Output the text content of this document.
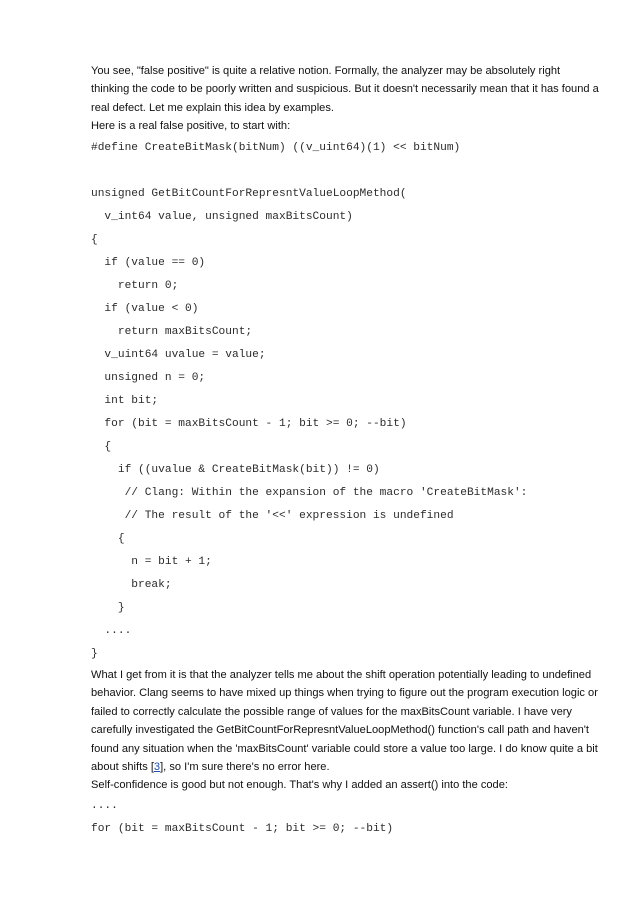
You see, "false positive" is quite a relative notion. Formally, the analyzer may be absolutely right
thinking the code to be poorly written and suspicious. But it doesn't necessarily mean that it has found a
real defect. Let me explain this idea by examples.

Here is a real false positive, to start with:

#define CreateBitMask(bitNum) ((v_uint64)(1) << bitNum)
unsigned GetBitCountForRepresntValueLoopMethod(
v_int64 value, unsigned maxBitsCount)
{
if (value == 0)
return 0;
if (value < 0)
return maxBitsCount;
v_uint64 uvalue = value;
unsigned n = 0;
int bit;
for (bit = maxBitsCount - 1; bit >= 0; --bit)
{
if ((uvalue & CreateBitMask(bit)) != 0)
// Clang: Within the expansion of the macro 'CreateBitMask':
// The result of the '<<' expression is undefined
{
n = bit + 1;
break;
}
....
}

What I get from it is that the analyzer tells me about the shift operation potentially leading to undefined
behavior. Clang seems to have mixed up things when trying to figure out the program execution logic or
failed to correctly calculate the possible range of values for the maxBitsCount variable. I have very
carefully investigated the GetBitCountForRepresntValueLoopMethod() function's call path and haven't
found any situation when the 'maxBitsCount' variable could store a value too large. I do know quite a bit
about shifts [3], so I'm sure there's no error here.

Self-confidence is good but not enough. That's why I added an assert() into the code:

....
for (bit = maxBitsCount - 1; bit >= 0; --bit)
